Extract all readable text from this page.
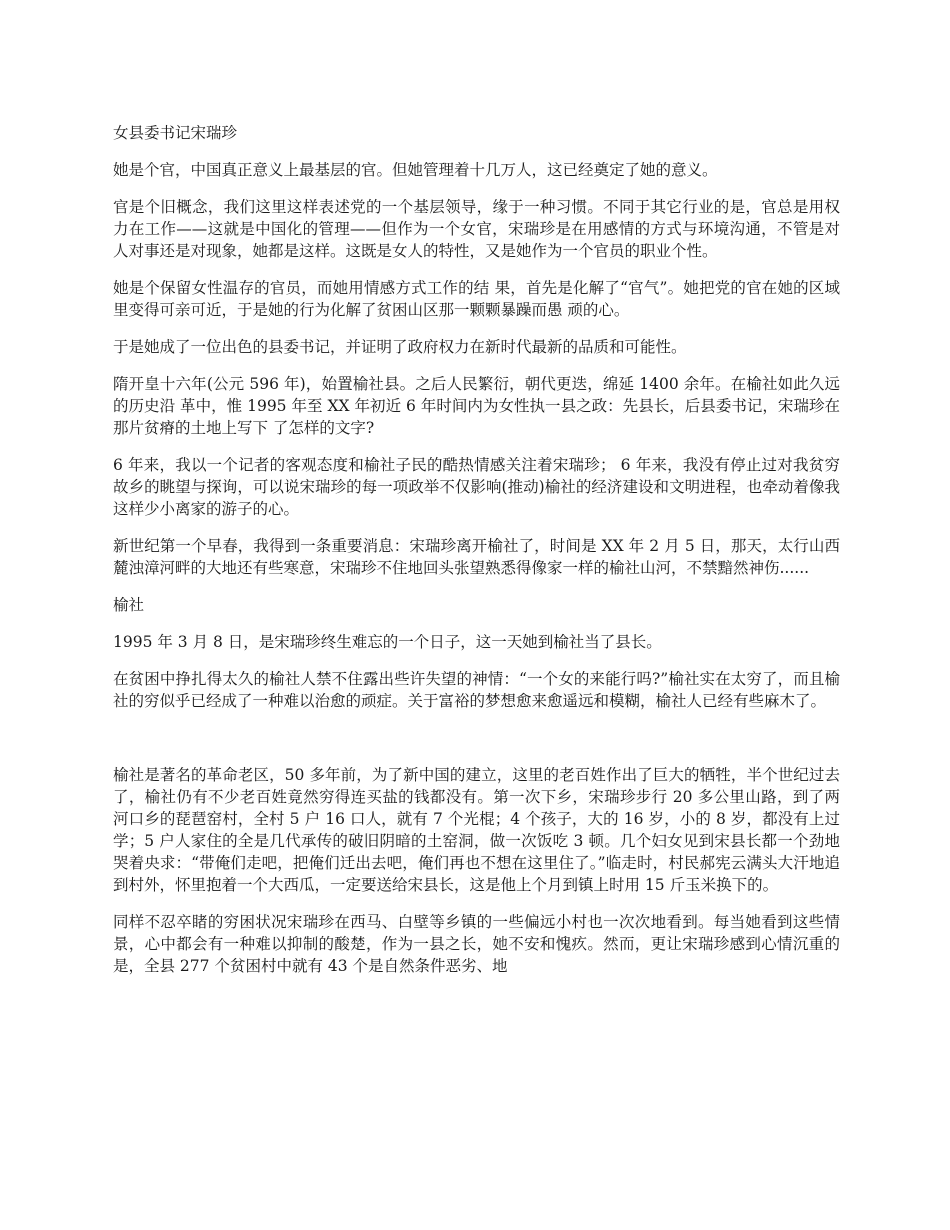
女县委书记宋瑞珍

她是个官，中国真正意义上最基层的官。但她管理着十几万人，这已经奠定了她的意义。

官是个旧概念，我们这里这样表述党的一个基层领导，缘于一种习惯。不同于其它行业的是，官总是用权力在工作——这就是中国化的管理——但作为一个女官，宋瑞珍是在用感情的方式与环境沟通，不管是对人对事还是对现象，她都是这样。这既是女人的特性，又是她作为一个官员的职业个性。

她是个保留女性温存的官员，而她用情感方式工作的结 果，首先是化解了“官气”。她把党的官在她的区域里变得可亲可近，于是她的行为化解了贫困山区那一颗颗暴躁而愚 顽的心。

于是她成了一位出色的县委书记，并证明了政府权力在新时代最新的品质和可能性。

隋开皇十六年(公元 596 年)，始置榆社县。之后人民繁衍，朝代更迭，绵延 1400 余年。在榆社如此久远的历史沿 革中，惟 1995 年至 XX 年初近 6 年时间内为女性执一县之政：先县长，后县委书记，宋瑞珍在那片贫瘠的土地上写下 了怎样的文字?

6 年来，我以一个记者的客观态度和榆社子民的酷热情感关注着宋瑞珍； 6 年来，我没有停止过对我贫穷故乡的眺望与探询，可以说宋瑞珍的每一项政举不仅影响(推动)榆社的经济建设和文明进程，也牵动着像我这样少小离家的游子的心。

新世纪第一个早春，我得到一条重要消息：宋瑞珍离开榆社了，时间是 XX 年 2 月 5 日，那天，太行山西麓浊漳河畔的大地还有些寒意，宋瑞珍不住地回头张望熟悉得像家一样的榆社山河，不禁黯然神伤......

榆社

1995 年 3 月 8 日，是宋瑞珍终生难忘的一个日子，这一天她到榆社当了县长。

在贫困中挣扎得太久的榆社人禁不住露出些许失望的神情：“一个女的来能行吗?”榆社实在太穷了，而且榆社的穷似乎已经成了一种难以治愈的顽症。关于富裕的梦想愈来愈遥远和模糊，榆社人已经有些麻木了。

榆社是著名的革命老区，50 多年前，为了新中国的建立，这里的老百姓作出了巨大的牺牲，半个世纪过去了，榆社仍有不少老百姓竟然穷得连买盐的钱都没有。第一次下乡，宋瑞珍步行 20 多公里山路，到了两河口乡的琵琶窑村，全村 5 户 16 口人，就有 7 个光棍；4 个孩子，大的 16 岁，小的 8 岁，都没有上过学；5 户人家住的全是几代承传的破旧阴暗的土窑洞，做一次饭吃 3 顿。几个妇女见到宋县长都一个劲地哭着央求：“带俺们走吧，把俺们迁出去吧，俺们再也不想在这里住了。”临走时，村民郝宪云满头大汗地追到村外，怀里抱着一个大西瓜，一定要送给宋县长，这是他上个月到镇上时用 15 斤玉米换下的。

同样不忍卒睹的穷困状况宋瑞珍在西马、白壁等乡镇的一些偏远小村也一次次地看到。每当她看到这些情景，心中都会有一种难以抑制的酸楚，作为一县之长，她不安和愧疚。然而，更让宋瑞珍感到心情沉重的是，全县 277 个贫困村中就有 43 个是自然条件恶劣、地
